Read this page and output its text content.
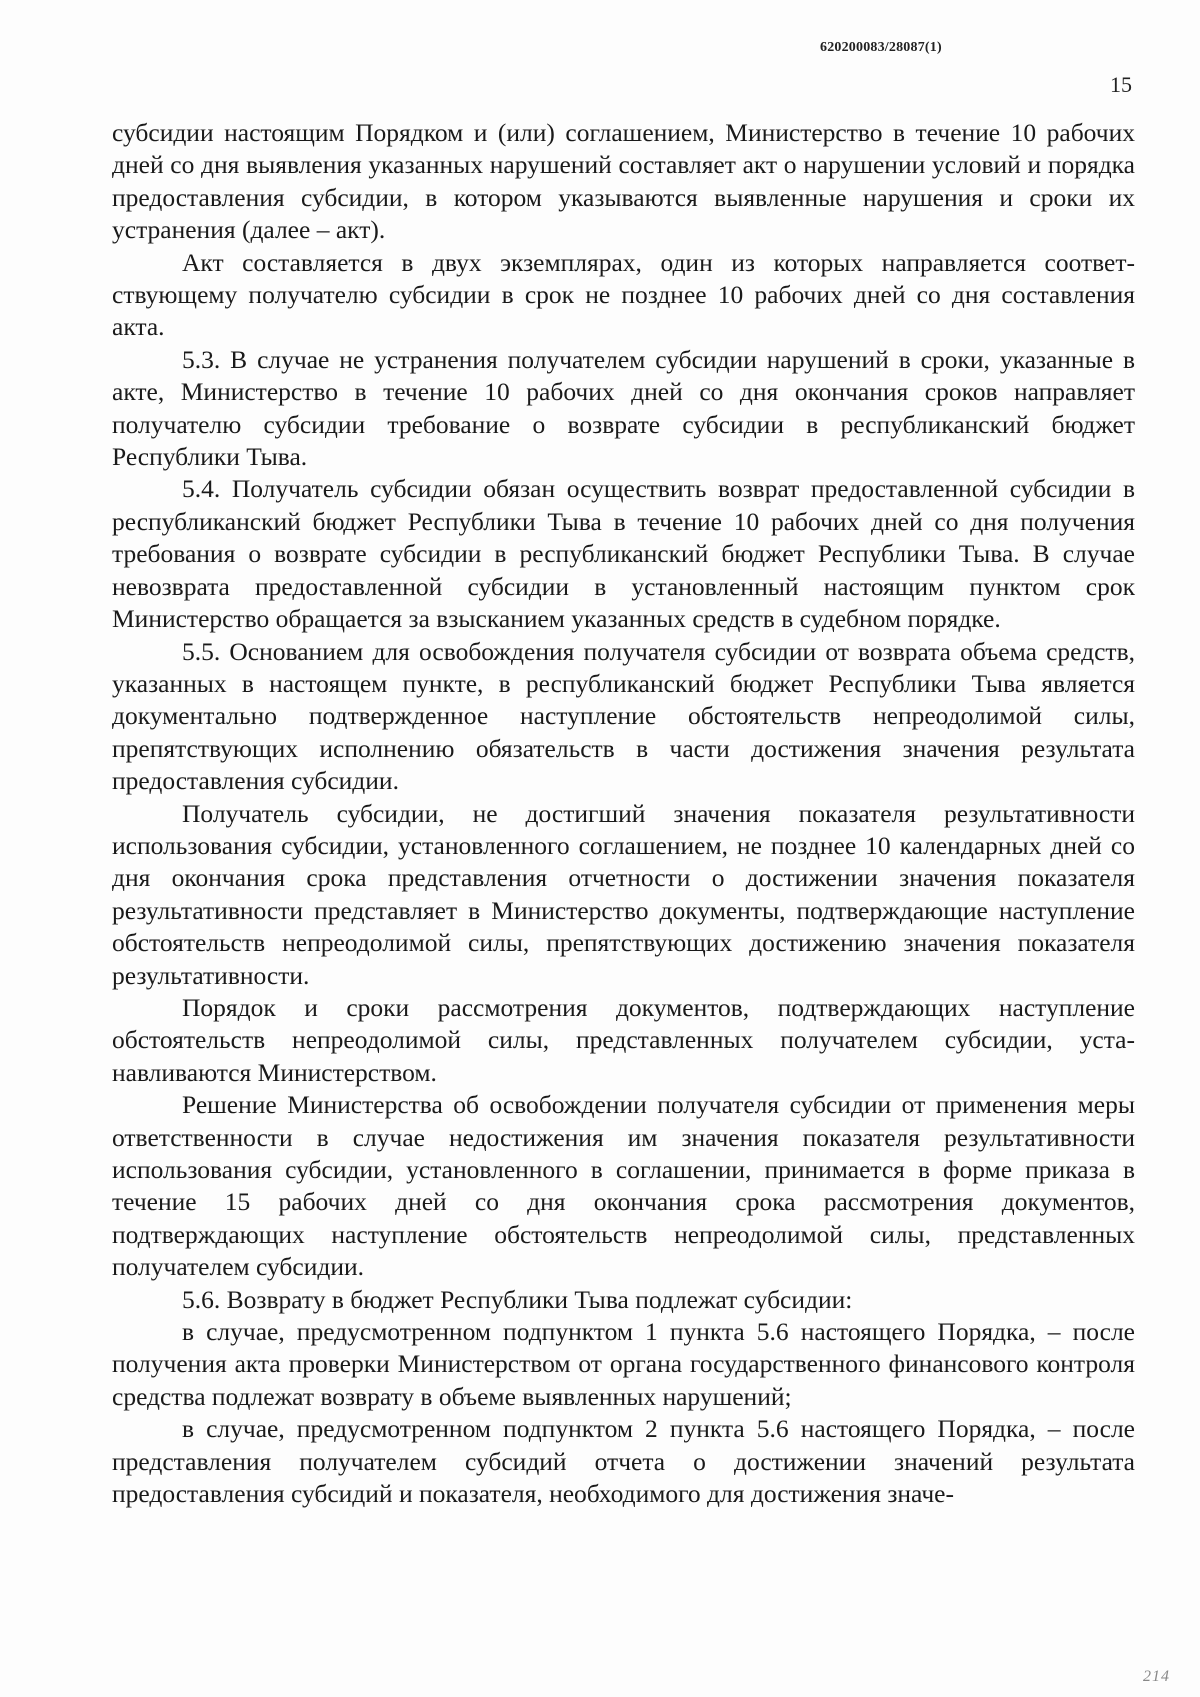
620200083/28087(1)
15

субсидии настоящим Порядком и (или) соглашением, Министерство в течение 10 рабочих дней со дня выявления указанных нарушений составляет акт о нарушении условий и порядка предоставления субсидии, в котором указываются выявленные нарушения и сроки их устранения (далее – акт).

Акт составляется в двух экземплярах, один из которых направляется соответствующему получателю субсидии в срок не позднее 10 рабочих дней со дня составления акта.

5.3. В случае не устранения получателем субсидии нарушений в сроки, указанные в акте, Министерство в течение 10 рабочих дней со дня окончания сроков направляет получателю субсидии требование о возврате субсидии в республиканский бюджет Республики Тыва.

5.4. Получатель субсидии обязан осуществить возврат предоставленной субсидии в республиканский бюджет Республики Тыва в течение 10 рабочих дней со дня получения требования о возврате субсидии в республиканский бюджет Республики Тыва. В случае невозврата предоставленной субсидии в установленный настоящим пунктом срок Министерство обращается за взысканием указанных средств в судебном порядке.

5.5. Основанием для освобождения получателя субсидии от возврата объема средств, указанных в настоящем пункте, в республиканский бюджет Республики Тыва является документально подтвержденное наступление обстоятельств непреодолимой силы, препятствующих исполнению обязательств в части достижения значения результата предоставления субсидии.

Получатель субсидии, не достигший значения показателя результативности использования субсидии, установленного соглашением, не позднее 10 календарных дней со дня окончания срока представления отчетности о достижении значения показателя результативности представляет в Министерство документы, подтверждающие наступление обстоятельств непреодолимой силы, препятствующих достижению значения показателя результативности.

Порядок и сроки рассмотрения документов, подтверждающих наступление обстоятельств непреодолимой силы, представленных получателем субсидии, устанавливаются Министерством.

Решение Министерства об освобождении получателя субсидии от применения меры ответственности в случае недостижения им значения показателя результативности использования субсидии, установленного в соглашении, принимается в форме приказа в течение 15 рабочих дней со дня окончания срока рассмотрения документов, подтверждающих наступление обстоятельств непреодолимой силы, представленных получателем субсидии.

5.6. Возврату в бюджет Республики Тыва подлежат субсидии:

в случае, предусмотренном подпунктом 1 пункта 5.6 настоящего Порядка, – после получения акта проверки Министерством от органа государственного финансового контроля средства подлежат возврату в объеме выявленных нарушений;

в случае, предусмотренном подпунктом 2 пункта 5.6 настоящего Порядка, – после представления получателем субсидий отчета о достижении значений результата предоставления субсидий и показателя, необходимого для достижения значе-

214
